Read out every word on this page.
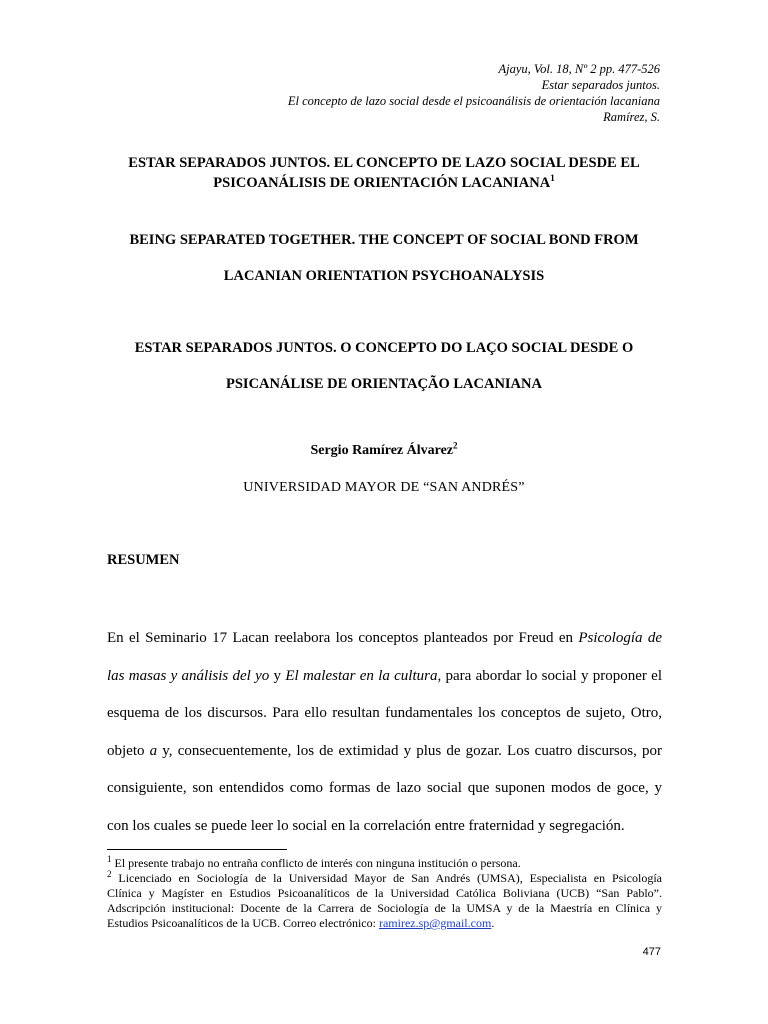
Ajayu, Vol. 18, Nº 2 pp. 477-526
Estar separados juntos.
El concepto de lazo social desde el psicoanálisis de orientación lacaniana
Ramírez, S.
ESTAR SEPARADOS JUNTOS. EL CONCEPTO DE LAZO SOCIAL DESDE EL
PSICOANÁLISIS DE ORIENTACIÓN LACANIANA$^1$
BEING SEPARATED TOGETHER. THE CONCEPT OF SOCIAL BOND FROM
LACANIAN ORIENTATION PSYCHOANALYSIS
ESTAR SEPARADOS JUNTOS. O CONCEPTO DO LAÇO SOCIAL DESDE O
PSICANÁLISE DE ORIENTAÇÃO LACANIANA
Sergio Ramírez Álvarez$^2$
UNIVERSIDAD MAYOR DE “SAN ANDRÉS”
RESUMEN
En el Seminario 17 Lacan reelabora los conceptos planteados por Freud en Psicología de
las masas y análisis del yo y El malestar en la cultura, para abordar lo social y proponer el
esquema de los discursos. Para ello resultan fundamentales los conceptos de sujeto, Otro,
objeto a y, consecuentemente, los de extimidad y plus de gozar. Los cuatro discursos, por
consiguiente, son entendidos como formas de lazo social que suponen modos de goce, y
con los cuales se puede leer lo social en la correlación entre fraternidad y segregación.
$^1$ El presente trabajo no entraña conflicto de interés con ninguna institución o persona.
$^2$ Licenciado en Sociología de la Universidad Mayor de San Andrés (UMSA), Especialista en Psicología
Clínica y Magíster en Estudios Psicoanalíticos de la Universidad Católica Boliviana (UCB) “San Pablo”.
Adscripción institucional: Docente de la Carrera de Sociología de la UMSA y de la Maestría en Clínica y
Estudios Psicoanalíticos de la UCB. Correo electrónico: ramirez.sp@gmail.com.
477
